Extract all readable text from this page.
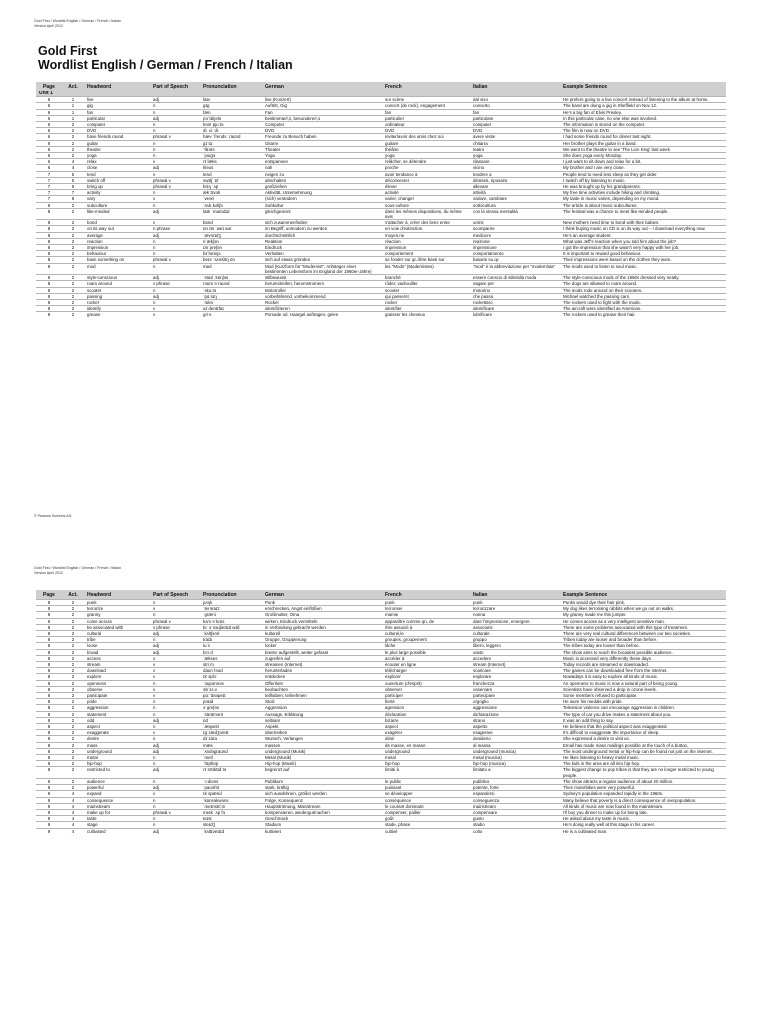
Gold First / Wordlist English / German / French / Italian
Version April 2012
Gold First
Wordlist English / German / French / Italian
Page	Act.	Headword	Part of Speech	Pronunciation	German	French	Italian	Example Sentence
Unit 1								
6	1	live	adj	laɪv	live (Konzert)	sur scène	dal vivo	He prefers going to a live concert instead of listening to the album at home.
6	1	gig	n	gɪg	Auftritt, Gig	concert (de rock), engagement	concerto	The band are doing a gig in Sheffield on Nov 12.
6	1	fan	n	fæn	Fan	fan	fan	He's a big fan of Elvis Presley.
6	1	particular	adj	pəˈtɪkjələ	bestimmte/r,s, besondere/r,s	particulier	particolare	In this particular case, no one else was involved.
6	2	computer	n	kəmˈpjuːtə	Computer	ordinateur	computer	The information is stored on the computer.
6	2	DVD	n	diː viː diː	DVD	DVD	DVD	The film is now on DVD.
6	2	have friends round	phrasal v	hæv ˈfrends ˈraʊnd	Freunde zu Besuch haben	inviter/avoir des amis chez soi	avere visite	I had some friends round for dinner last night.
6	2	guitar	n	gɪˈtɑː	Gitarre	guitare	chitarra	Her brother plays the guitar in a band.
6	2	theatre	n	ˈθɪətə	Theater	théâtre	teatro	We went to the theatre to see 'The Lion King' last week.
6	2	yoga	n	ˈjəʊgə	Yoga	yoga	yoga	She does yoga every Monday.
6	4	relax	v	rɪˈlæks	entspannen	relâcher, se détendre	rilassare	I just want to sit down and relax for a bit.
6	4	close	adj	kləʊs	nah	proche	vicino	My brother and I are very close.
7	5	tend	v	tend	neigen zu	avoir tendance à	tendere a	People tend to need less sleep as they get older.
7	5	switch off	phrasal v	swɪtʃ ˈɒf	abschalten	déconnecter	distrarsi, riposarsi	I switch off by listening to music.
7	5	bring up	phrasal v	brɪŋ ˈʌp	großziehen	élever	allevare	He was brought up by his grandparents.
7	7	activity	n	ækˈtɪvəti	Aktivität, Unternehmung	activité	attività	My free time activities include hiking and climbing.
7	8	vary	v	ˈveəri	(sich) verändern	varier, changer	variare, cambiare	My taste in music varies, depending on my mood.
8	2	subculture	n	ˈsʌbˌkʌltʃə	Subkultur	sous-culture	sottocultura	The article is about music subcultures.
8	2	like-minded	adj	laɪk ˈmaɪndɪd	gleichgesinnt	dans les mêmes dispositions, du même avis	con la stessa mentalità	The festival was a chance to meet like-minded people.
8	2	bond	v	bɒnd	sich zusammenfinden	s'attacher à, créer des liens entre	unirsi	New mothers need time to bond with their babies.
8	2	on its way out	n phrase	ɒn ɪts ˈweɪ aʊt	im Begriff, unmodern zu werden	en voie d'extinction	scomparire	I think buying music on CD is on its way out – I download everything now.
8	2	average	adj	ˈævərɪdʒ	durchschnittlich	moyen,ne	mediocre	He's an average student.
8	2	reaction	n	riˈækʃən	Reaktion	réaction	reazione	What was Jeff's reaction when you told him about the job?
8	2	impression	n	ɪmˈpreʃən	Eindruck	impression	impressione	I got the impression that she wasn't very happy with her job.
8	2	behaviour	n	bɪˈheɪvjə	Verhalten	comportement	comportamento	It is important to reward good behaviour.
8	2	base something on	phrasal v	beɪs ˈsʌmθɪŋ ɒn	sich auf etwas gründen	se fonder sur qc./être basé sur	basarsi su qc	Their impressions were based on the clothes they wore.
8	2	mod	n	mɒd	Mod (Kurzform für "Modernist"; Anhänger einer bestimmten Lebensform im England der 1960er-Jahre)	les "Mods" (Modernistes)	"mod" è la abbreviazione per "modernista"	The mods used to listen to soul music.
8	2	style-conscious	adj	ˈstaɪl ˌkɒnʃəs	stilbewusst	branché	essere conscio di stile/alla moda	The style-conscious mods of the 1960s dressed very neatly.
8	2	roam around	v phrase	rəʊm əˈraʊnd	herumstreifen, herumstromern	rôder, vadrouiller	vagare per	The dogs are allowed to roam around.
8	2	scooter	n	ˈskuːtə	Motorroller	scooter	motorino	The mods rode around on their scooters.
8	2	passing	adj	ˈpɑːsɪŋ	vorbeifahrend, vorbeikommend	qui passe/nt	che passa	Michael watched the passing cars.
8	2	rocker	n	ˈrɒkə	Rocker	rocker	rockettaro	The rockers used to fight with the mods.
8	2	identify	v	aɪˈdentɪfaɪ	identifizieren	identifier	identificare	The aircraft were identified as American.
8	2	grease	v	griːs	Pomade od. Haargel auftragen, gelen	graisser les cheveux	lubrificare	The rockers used to grease their hair.
© Pearson Schweiz AG
Gold First / Wordlist English / German / French / Italian
Version April 2012
Page	Act.	Headword	Part of Speech	Pronunciation	German	French	Italian	Example Sentence
8	2	punk	n	pʌŋk	Punk	punk	punk	Punks would dye their hair pink.
8	2	terrorize	v	ˈterəraɪz	erschrecken, Angst einflößen	terroriser	terrorizzare	My dog likes terrorising rabbits when we go out on walks.
8	2	granny	n	ˈgræni	Großmutter, Oma	mamie	nonna	My granny made me this jumper.
8	2	come across	phrasal v	kʌm əˈkrɒs	wirken, Eindruck vermitteln	apparaître comme qn, de	dare l'impressione, emergere	He comes across as a very intelligent sensitive man.
8	2	be associated with	v phrase	biː əˈsəʊʃieɪtɪd wɪð	in Verbindung gebracht werden	être associé à	associarsi	There are some problems associated with this type of treatment.
8	2	cultural	adj	ˈkʌltʃərəl	kulturell	culturel,le	culturale	There are very real cultural differences between our two societies.
8	2	tribe	n	traɪb	Gruppe, Gruppierung	groupes, groupement	gruppo	Tribes today are looser and broader than before.
8	2	loose	adj	luːs	locker	lâche	libero, leggero	The tribes today are looser than before.
8	2	broad	adj	brɔːd	breiter aufgestellt, weiter gefasst	le plus large possible	vasto	The show aims to reach the broadest possible audience.
8	2	access	v	ˈækses	zugreifen auf	accéder à	accedere	Music is accessed very differently these days.
8	2	stream	v	striːm	streamen (Internet)	écouter en ligne	stream (Internet)	Today records are streamed or downloaded.
8	2	download	v	daʊnˈləʊd	herunterladen	télécharger	scaricare	The games can be downloaded free from the internet.
8	2	explore	v	ɪkˈsplɔː	entdecken	explorer	esplorare	Nowadays it is easy to explore all kinds of music.
8	2	openness	n	ˈəʊpənnəs	Offenheit	ouverture (d'esprit)	franchezza	An openness to music is now a natural part of being young.
8	2	observe	v	əbˈzɜːv	beobachten	observer	osservare	Scientists have observed a drop in ozone levels.
8	2	participate	v	pɑːˈtɪsəpeɪt	teilhaben, teilnehmen	participer	partecipare	Some members refused to participate.
8	2	pride	n	praɪd	Stolz	fierté	orgoglio	He wore his medals with pride.
8	2	aggression	n	əˈgreʃən	Aggression	agression	aggressione	Television violence can encourage aggression in children.
8	2	statement	n	ˈsteɪtmənt	Aussage, Erklärung	déclaration	dichiarazione	The type of car you drive makes a statement about you.
8	2	odd	adj	ɒd	seltsam	bizarre	strano	It was an odd thing to say.
8	2	aspect	n	ˈæspekt	Aspekt	aspect	aspetto	He believes that the political aspect was exaggerated.
8	2	exaggerate	v	ɪgˈzædʒəreɪt	übertreiben	exagérer	esagerare	It's difficult to exaggerate the importance of sleep.
8	2	desire	n	dɪˈzaɪə	Wunsch, Verlangen	désir	desiderio	She expressed a desire to visit us.
8	2	mass	adj	mæs	massen	de masse, en masse	di massa	Email has made mass mailings possible at the touch of a button.
8	2	underground	adj	ˈʌndəgraʊnd	underground (Musik)	underground	underground (musica)	The most underground metal or hip-hop can be found not just on the internet.
8	2	metal	n	ˈmetl	Metal (Musik)	metal	metal (musica)	He likes listening to heavy metal music.
8	2	hip-hop	n	ˈhɪphɒp	Hip-hop (Musik)	hip-hop	hip-hop (musica)	The kids in the area are all into hip-hop.
8	2	restricted to	adj	rɪˈstrɪktɪd tə	begrenzt auf	limité à	limitato a	The biggest change to pop tribes is that they are no longer restricted to young people.
8	2	audience	n	ˈɔːdiəns	Publikum	le public	pubblico	The show attracts a regular audience of about 20 million.
8	2	powerful	adj	ˈpaʊəfəl	stark, kräftig	puissant	potente, forte	Their motorbikes were very powerful.
9	4	expand	v	ɪkˈspænd	sich ausdehnen, größer werden	se développer	espandersi	Sydney's population expanded rapidly in the 1960s.
9	4	consequence	n	ˈkɒnsəkwəns	Folge, Konsequenz	conséquence	conseguenza	Many believe that poverty is a direct consequence of overpopulation.
9	4	mainstream	n	ˈmeɪnstriːm	Hauptströmung, Mainstream	le courant dominant	mainstream	All kinds of music are now found in the mainstream.
9	4	make up for	phrasal v	meɪk ˈʌp fə	kompensieren, wiedergutmachen	compenser, pallier	compensare	I'll buy you dinner to make up for being late.
9	4	taste	n	teɪst	Geschmack	goût	gusto	He asked about my taste in music.
9	4	stage	n	steɪdʒ	Stadium	stade, phase	stadio	He's doing really well at this stage in his career.
9	4	cultivated	adj	ˈkʌltɪveɪtɪd	kultiviert	cultivé	colto	He is a cultivated man.
